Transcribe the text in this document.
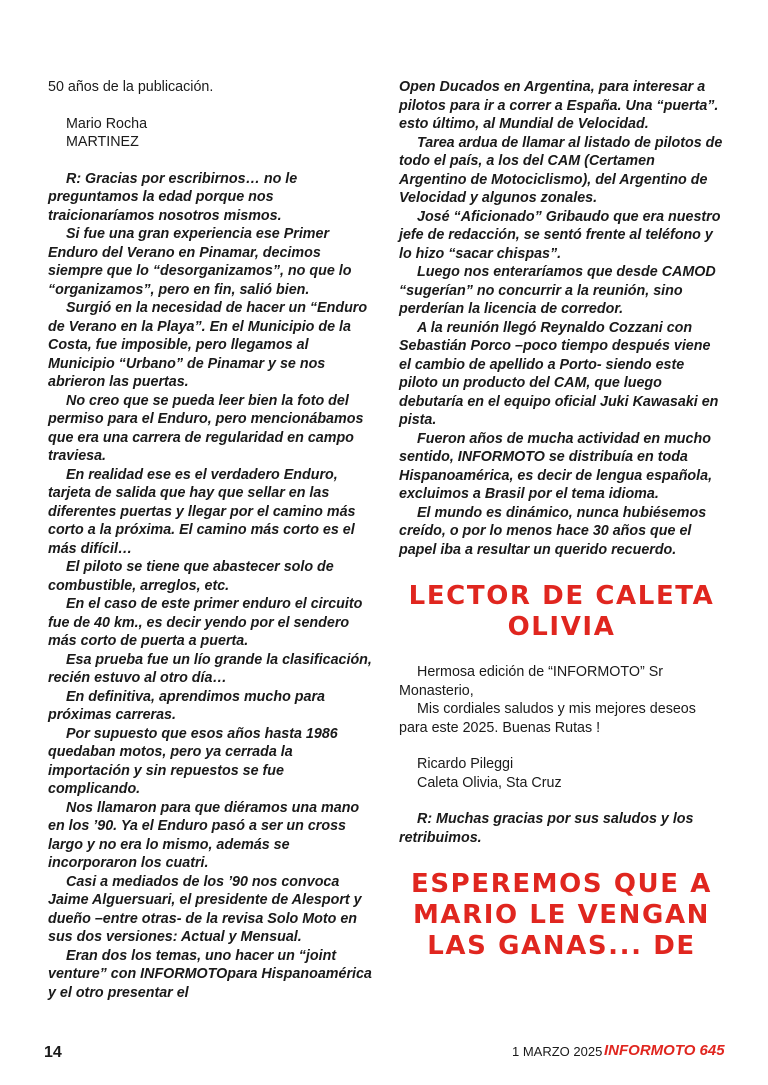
50 años de la publicación.

Mario Rocha

MARTINEZ

R: Gracias por escribirnos… no le preguntamos la edad porque nos traicionaríamos nosotros mismos.

Si fue una gran experiencia ese Primer Enduro del Verano en Pinamar, decimos siempre que lo “desorganizamos”, no que lo “organizamos”, pero en fin, salió bien.

Surgió en la necesidad de hacer un “Enduro de Verano en la Playa”. En el Municipio de la Costa, fue imposible, pero llegamos al Municipio “Urbano” de Pinamar y se nos abrieron las puertas.

No creo que se pueda leer bien la foto del permiso para el Enduro, pero mencionábamos que era una carrera de regularidad en campo traviesa.

En realidad ese es el verdadero Enduro, tarjeta de salida que hay que sellar en las diferentes puertas y llegar por el camino más corto a la próxima. El camino más corto es el más difícil…

El piloto se tiene que abastecer solo de combustible, arreglos, etc.

En el caso de este primer enduro el circuito fue de 40 km., es decir yendo por el sendero más corto de puerta a puerta.

Esa prueba fue un lío grande la clasificación, recién estuvo al otro día…

En definitiva, aprendimos mucho para próximas carreras.

Por supuesto que esos años hasta 1986 quedaban motos, pero ya cerrada la importación y sin repuestos se fue complicando.

Nos llamaron para que diéramos una mano en los ’90. Ya el Enduro pasó a ser un cross largo y no era lo mismo, además se incorporaron los cuatri.

Casi a mediados de los ’90 nos convoca Jaime Alguersuari, el presidente de Alesport y dueño –entre otras- de la revisa Solo Moto en sus dos versiones: Actual y Mensual.

Eran dos los temas, uno hacer un “joint venture” con INFORMOTOpara Hispanoamérica y el otro presentar el

Open Ducados en Argentina, para interesar a pilotos para ir a correr a España. Una “puerta”. esto último, al Mundial de Velocidad.

Tarea ardua de llamar al listado de pilotos de todo el país, a los del CAM (Certamen Argentino de Motociclismo), del Argentino de Velocidad y algunos zonales.

José “Aficionado” Gribaudo que era nuestro jefe de redacción, se sentó frente al teléfono y lo hizo “sacar chispas”.

Luego nos enteraríamos que desde CAMOD “sugerían” no concurrir a la reunión, sino perderían la licencia de corredor.

A la reunión llegó Reynaldo Cozzani con Sebastián Porco –poco tiempo después viene el cambio de apellido a Porto- siendo este piloto un producto del CAM, que luego debutaría en el equipo oficial Juki Kawasaki en pista.

Fueron años de mucha actividad en mucho sentido, INFORMOTO se distribuía en toda Hispanoamérica, es decir de lengua española, excluimos a Brasil por el tema idioma.

El mundo es dinámico, nunca hubiésemos creído, o por lo menos hace 30 años que el papel iba a resultar un querido recuerdo.

LECTOR DE CALETA OLIVIA

Hermosa edición de “INFORMOTO” Sr Monasterio,

Mis cordiales saludos y mis mejores deseos para este 2025. Buenas Rutas !

Ricardo Pileggi

Caleta Olivia, Sta Cruz

R: Muchas gracias por sus saludos y los retribuimos.

ESPEREMOS QUE A MARIO LE VENGAN LAS GANAS... DE
14	1 MARZO 2025 INFORMOTO 645
